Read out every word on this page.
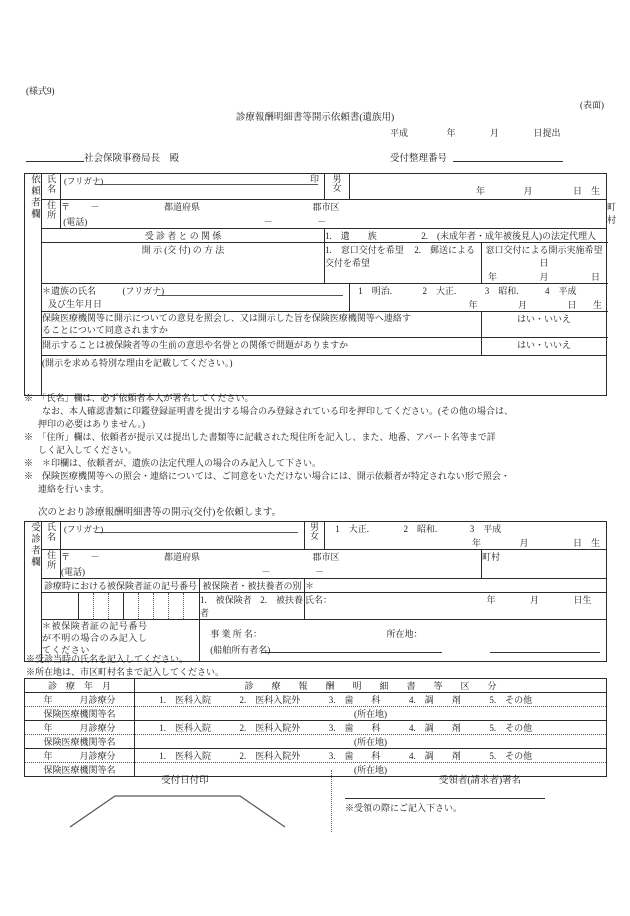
(様式9)
(表面)
診療報酬明細書等開示依頼書(遺族用)
平成	年	月	日提出
社会保険事務局長　殿	受付整理番号
依頼者欄	氏名	(フリガナ) 印	男女	年 月 日　生		

	住所	〒 － 都道府県 郡市区
(電話) － －				町村
	受 診 者 と の 関 係		1.　遺　　族 2.　(未成年者・成年被後見人)の法定代理人			
	開 示 (交 付) の 方 法		1.　窓口交付を希望 2.　郵送による交付を希望		窓口交付による開示実施希望日
年 月 日	

＊遺族の氏名	(フリガナ)
及び生年月日

1　明治.	2　大正.	3　昭和.	4　平成
年	月	日 生

	保険医療機関等に開示についての意見を照会し、又は開示した旨を保険医療機関等へ連絡す
ることについて同意されますか				はい・いいえ	
	開示することは被保険者等の生前の意思や名誉との関係で問題がありますか				はい・いいえ	
	(開示を求める特別な理由を記載してください。)					

※　「氏名」欄は、必ず依頼者本人が署名してください。

　　なお、本人確認書類に印鑑登録証明書を提出する場合のみ登録されている印を押印してください。(その他の場合は、

押印の必要はありません。)

※　「住所」欄は、依頼者が提示又は提出した書類等に記載された現住所を記入し、また、地番、アパート名等まで詳

しく記入してください。

※　＊印欄は、依頼者が、遺族の法定代理人の場合のみ記入して下さい。

※　保険医療機関等への照会・連絡については、ご同意をいただけない場合には、開示依頼者が特定されない形で照会・

連絡を行います。

次のとおり診療報酬明細書等の開示(交付)を依頼します。
受診者欄	氏名	(フリガナ)	男女	1　大正.	2　昭和.	3　平成
年	月	日　生

住所	〒 －	都道府県	郡市区
(電話)	－	－
	町村
診療時における被保険者証の記号番号	被保険者・被扶養者の別	＊

	1.　被保険者 2.　被扶養者	氏名：	年	月	日生

＊被保険者証の記号番号
が不明の場合のみ記入し
てください

事 業 所 名：	所在地：
(船舶所有者名)
※受診当時の氏名を記入してください。
※所在地は、市区町村名まで記入してください。
診　療　年　月	診　　療　　報　　酬　　明　　細　　書　　等　　区　　分
年　　　月診療分	1.　医科入院 2.　医科入院外 3.　歯　　科 4.　調　　剤 5.　その他
保険医療機関等名	(所在地)
年　　　月診療分	1.　医科入院 2.　医科入院外 3.　歯　　科 4.　調　　剤 5.　その他
保険医療機関等名	(所在地)
年　　　月診療分	1.　医科入院 2.　医科入院外 3.　歯　　科 4.　調　　剤 5.　その他
保険医療機関等名	(所在地)
受付日付印	受領者(請求者)署名
※受領の際にご記入下さい。
